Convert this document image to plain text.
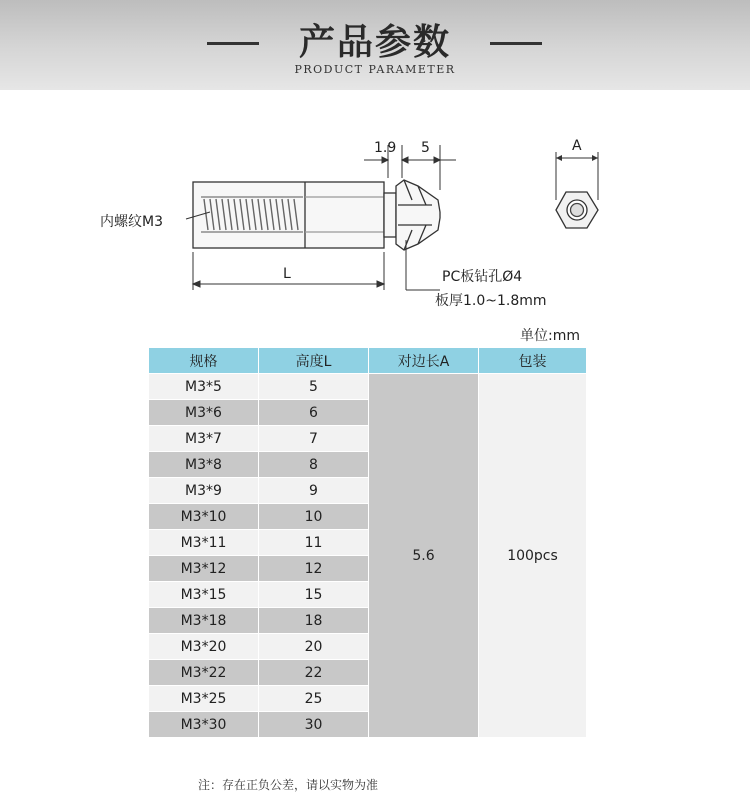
产品参数
PRODUCT PARAMETER
内螺纹M3
L
1.9 5	A
PC板钻孔Ø4
板厚1.0~1.8mm
单位:mm
规格	高度L	对边长A	包装
M3*5	5	5.6	100pcs
M3*6	6		
M3*7	7		
M3*8	8		
M3*9	9		
M3*10	10		
M3*11	11		
M3*12	12		
M3*15	15		
M3*18	18		
M3*20	20		
M3*22	22		
M3*25	25		
M3*30	30		
注：存在正负公差，请以实物为准
